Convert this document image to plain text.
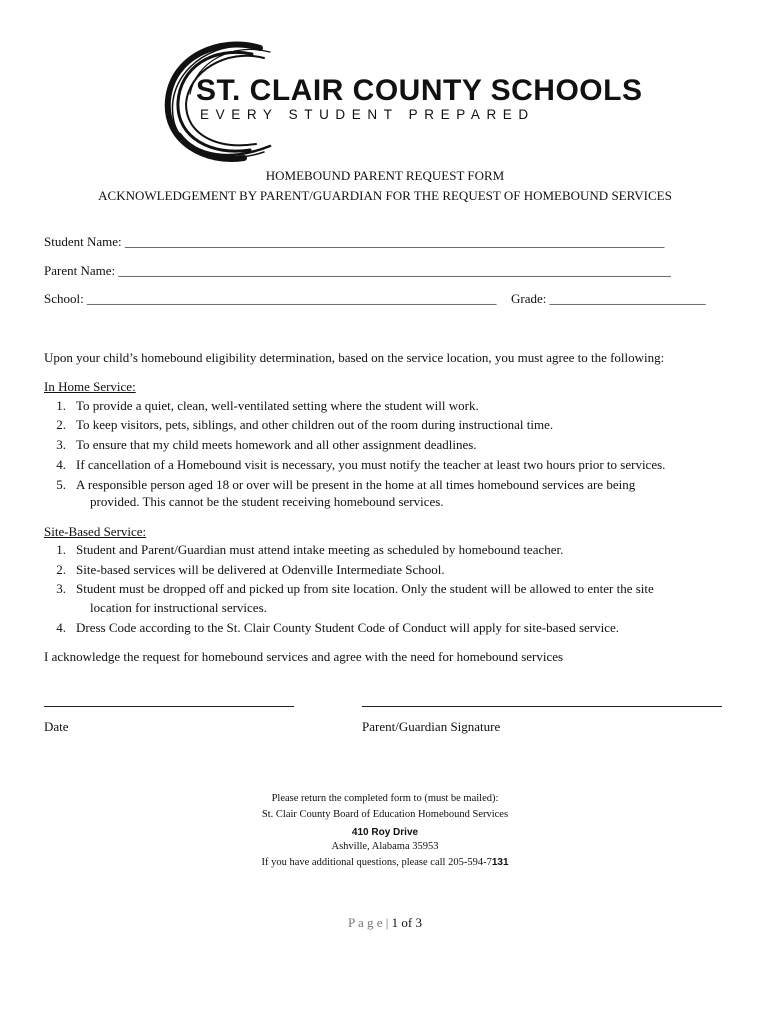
ST. CLAIR COUNTY SCHOOLS
EVERY STUDENT PREPARED
HOMEBOUND PARENT REQUEST FORM
ACKNOWLEDGEMENT BY PARENT/GUARDIAN FOR THE REQUEST OF HOMEBOUND SERVICES
Student Name: ___________________________________________________________________________________
Parent Name: _____________________________________________________________________________________
School: _______________________________________________________________ Grade: ________________________
Upon your child’s homebound eligibility determination, based on the service location, you must agree to the following:
In Home Service:
1. To provide a quiet, clean, well-ventilated setting where the student will work.
2. To keep visitors, pets, siblings, and other children out of the room during instructional time.
3. To ensure that my child meets homework and all other assignment deadlines.
4. If cancellation of a Homebound visit is necessary, you must notify the teacher at least two hours prior to services.
5. A responsible person aged 18 or over will be present in the home at all times homebound services are being
provided. This cannot be the student receiving homebound services.
Site-Based Service:
1. Student and Parent/Guardian must attend intake meeting as scheduled by homebound teacher.
2. Site-based services will be delivered at Odenville Intermediate School.
3. Student must be dropped off and picked up from site location. Only the student will be allowed to enter the site
location for instructional services.
4. Dress Code according to the St. Clair County Student Code of Conduct will apply for site-based service.
I acknowledge the request for homebound services and agree with the need for homebound services
Date	Parent/Guardian Signature
Please return the completed form to (must be mailed):
St. Clair County Board of Education Homebound Services
410 Roy Drive
Ashville, Alabama 35953
If you have additional questions, please call 205-594-7131
P a g e | 1 of 3
